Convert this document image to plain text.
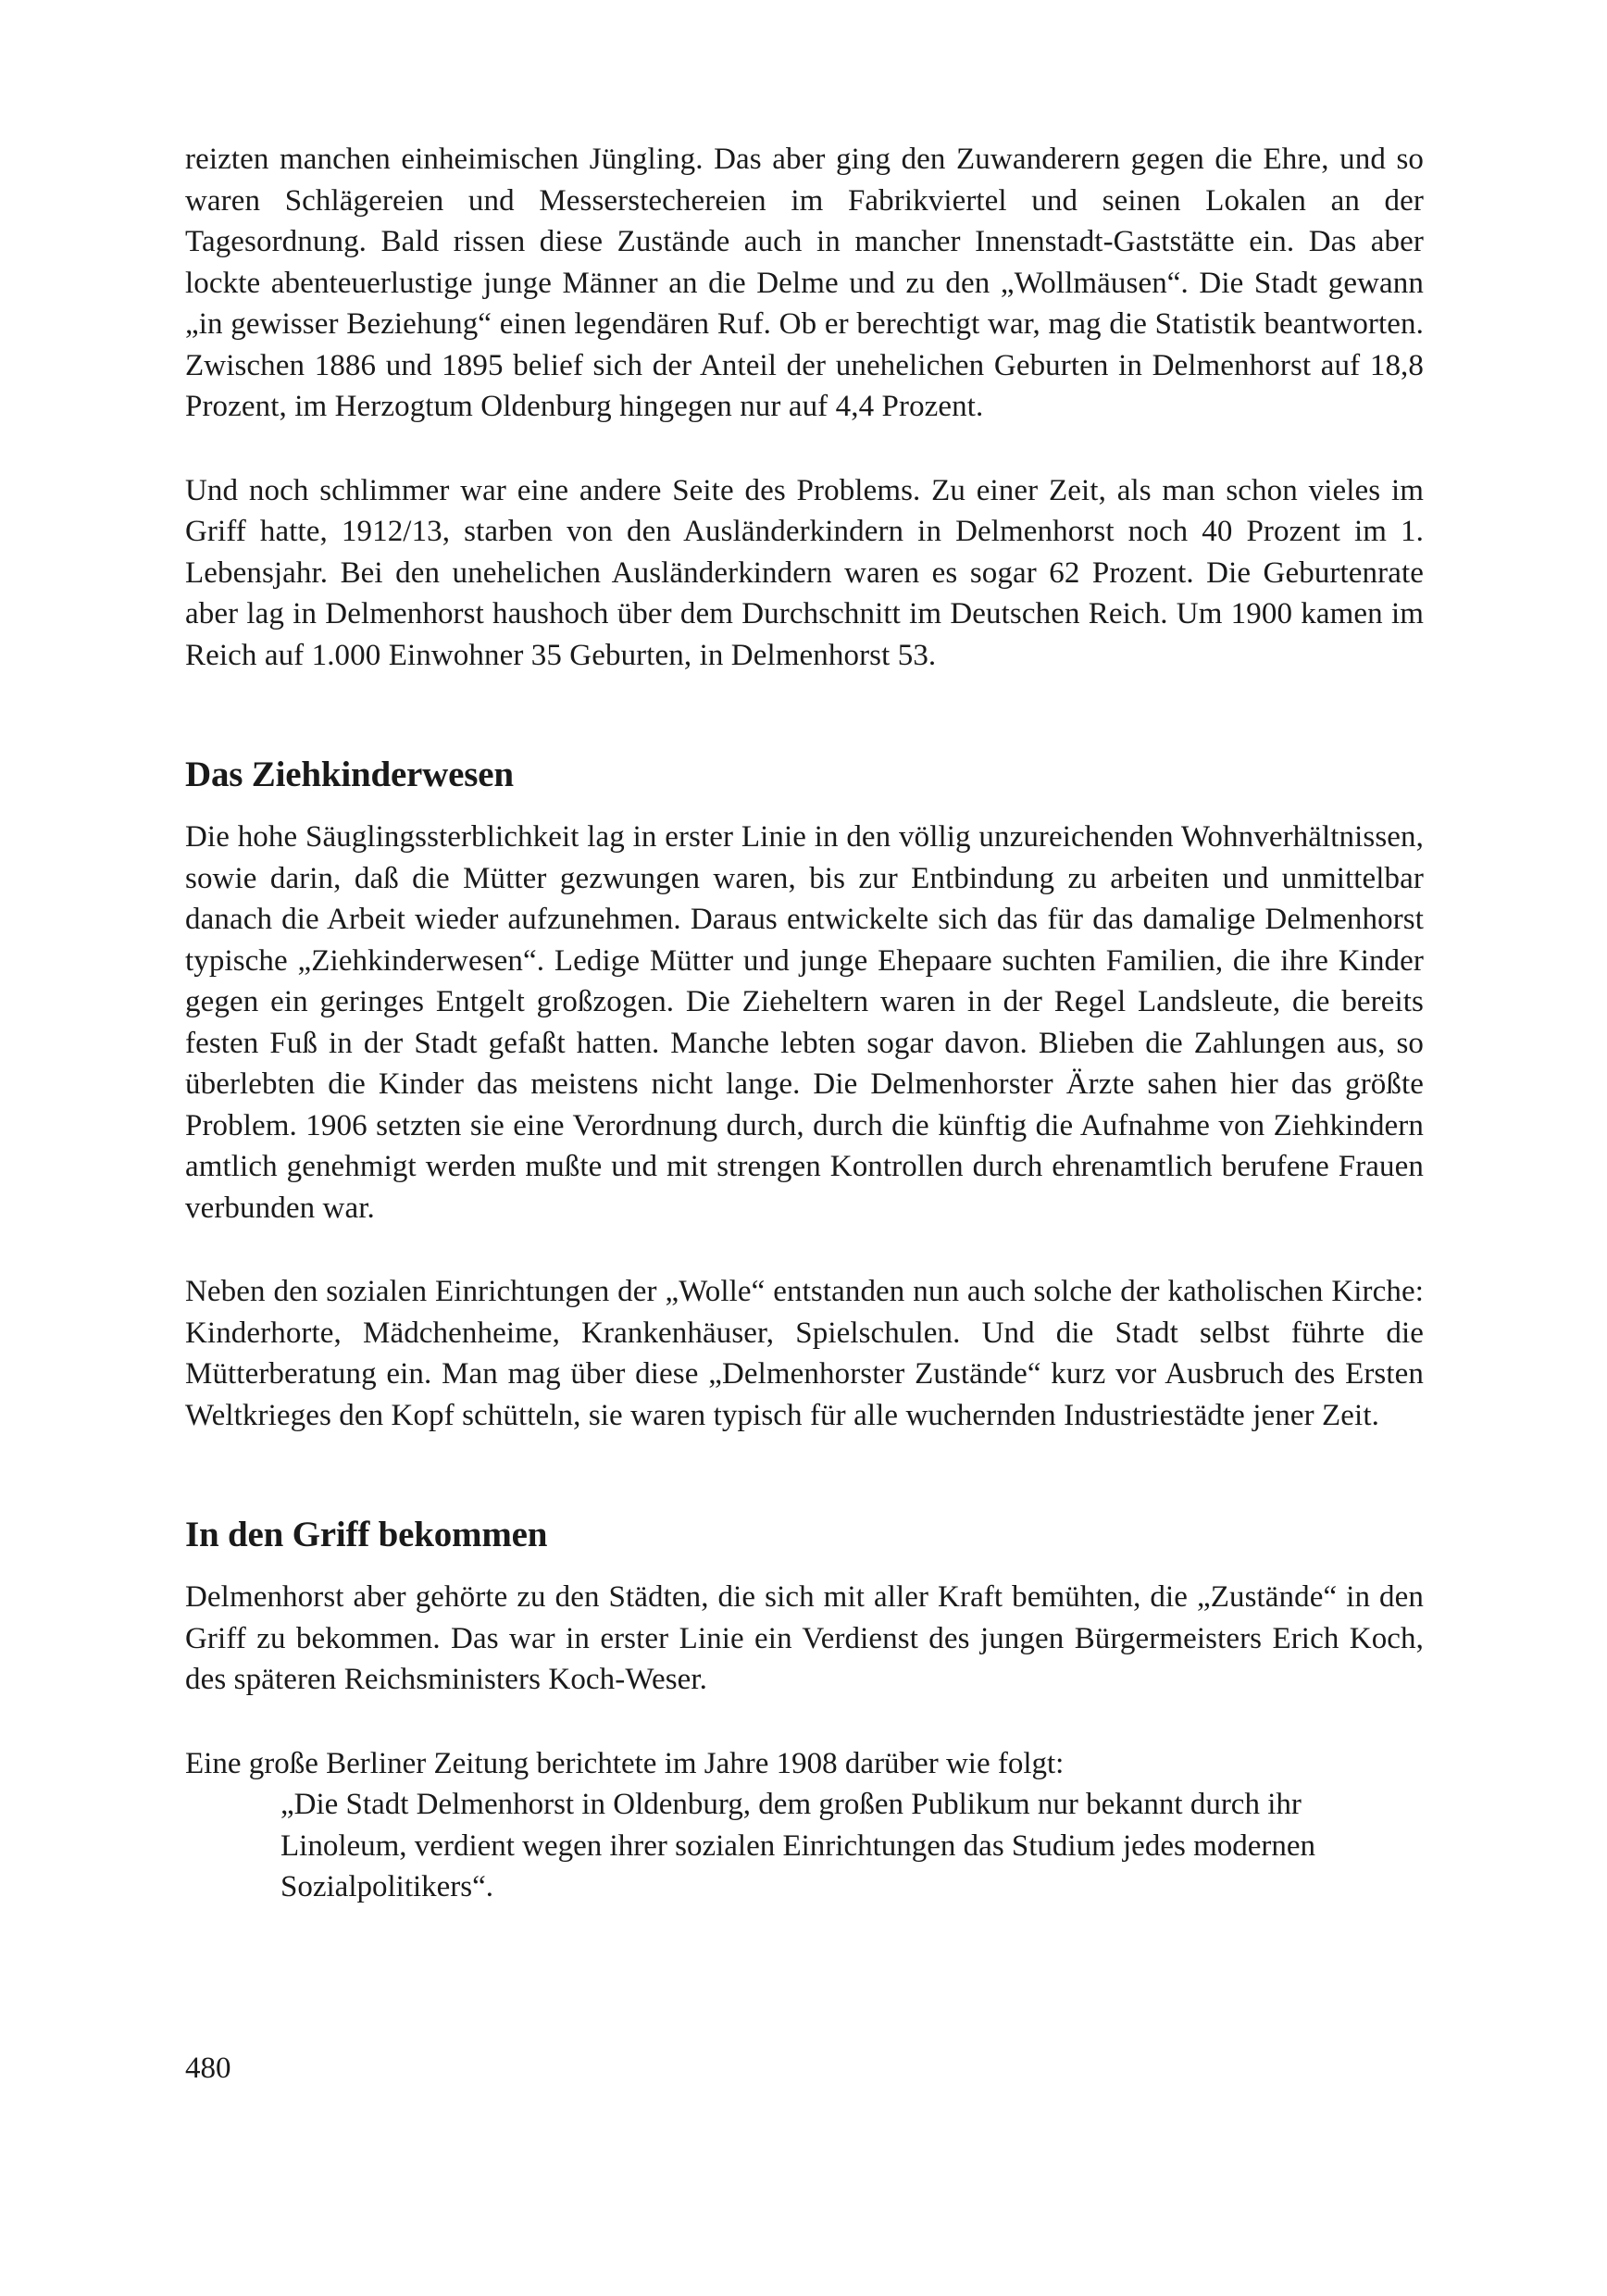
reizten manchen einheimischen Jüngling. Das aber ging den Zuwanderern gegen die Ehre, und so waren Schlägereien und Messerstechereien im Fabrikviertel und seinen Lokalen an der Tagesordnung. Bald rissen diese Zustände auch in mancher Innenstadt-Gaststätte ein. Das aber lockte abenteuerlustige junge Männer an die Delme und zu den „Wollmäusen“. Die Stadt gewann „in gewisser Beziehung“ einen legendären Ruf. Ob er berechtigt war, mag die Statistik beantworten. Zwischen 1886 und 1895 belief sich der Anteil der unehelichen Geburten in Delmenhorst auf 18,8 Prozent, im Herzogtum Oldenburg hingegen nur auf 4,4 Prozent.

Und noch schlimmer war eine andere Seite des Problems. Zu einer Zeit, als man schon vieles im Griff hatte, 1912/13, starben von den Ausländerkindern in Delmenhorst noch 40 Prozent im 1. Lebensjahr. Bei den unehelichen Ausländerkindern waren es sogar 62 Prozent. Die Geburtenrate aber lag in Delmenhorst haushoch über dem Durchschnitt im Deutschen Reich. Um 1900 kamen im Reich auf 1.000 Einwohner 35 Geburten, in Delmenhorst 53.

Das Ziehkinderwesen

Die hohe Säuglingssterblichkeit lag in erster Linie in den völlig unzureichenden Wohnverhältnissen, sowie darin, daß die Mütter gezwungen waren, bis zur Entbindung zu arbeiten und unmittelbar danach die Arbeit wieder aufzunehmen. Daraus entwickelte sich das für das damalige Delmenhorst typische „Ziehkinderwesen“. Ledige Mütter und junge Ehepaare suchten Familien, die ihre Kinder gegen ein geringes Entgelt großzogen. Die Zieheltern waren in der Regel Landsleute, die bereits festen Fuß in der Stadt gefaßt hatten. Manche lebten sogar davon. Blieben die Zahlungen aus, so überlebten die Kinder das meistens nicht lange. Die Delmenhorster Ärzte sahen hier das größte Problem. 1906 setzten sie eine Verordnung durch, durch die künftig die Aufnahme von Ziehkindern amtlich genehmigt werden mußte und mit strengen Kontrollen durch ehrenamtlich berufene Frauen verbunden war.

Neben den sozialen Einrichtungen der „Wolle“ entstanden nun auch solche der katholischen Kirche: Kinderhorte, Mädchenheime, Krankenhäuser, Spielschulen. Und die Stadt selbst führte die Mütterberatung ein. Man mag über diese „Delmenhorster Zustände“ kurz vor Ausbruch des Ersten Weltkrieges den Kopf schütteln, sie waren typisch für alle wuchernden Industriestädte jener Zeit.

In den Griff bekommen

Delmenhorst aber gehörte zu den Städten, die sich mit aller Kraft bemühten, die „Zustände“ in den Griff zu bekommen. Das war in erster Linie ein Verdienst des jungen Bürgermeisters Erich Koch, des späteren Reichsministers Koch-Weser.

Eine große Berliner Zeitung berichtete im Jahre 1908 darüber wie folgt:

„Die Stadt Delmenhorst in Oldenburg, dem großen Publikum nur bekannt durch ihr Linoleum, verdient wegen ihrer sozialen Einrichtungen das Studium jedes modernen Sozialpolitikers“.

480
